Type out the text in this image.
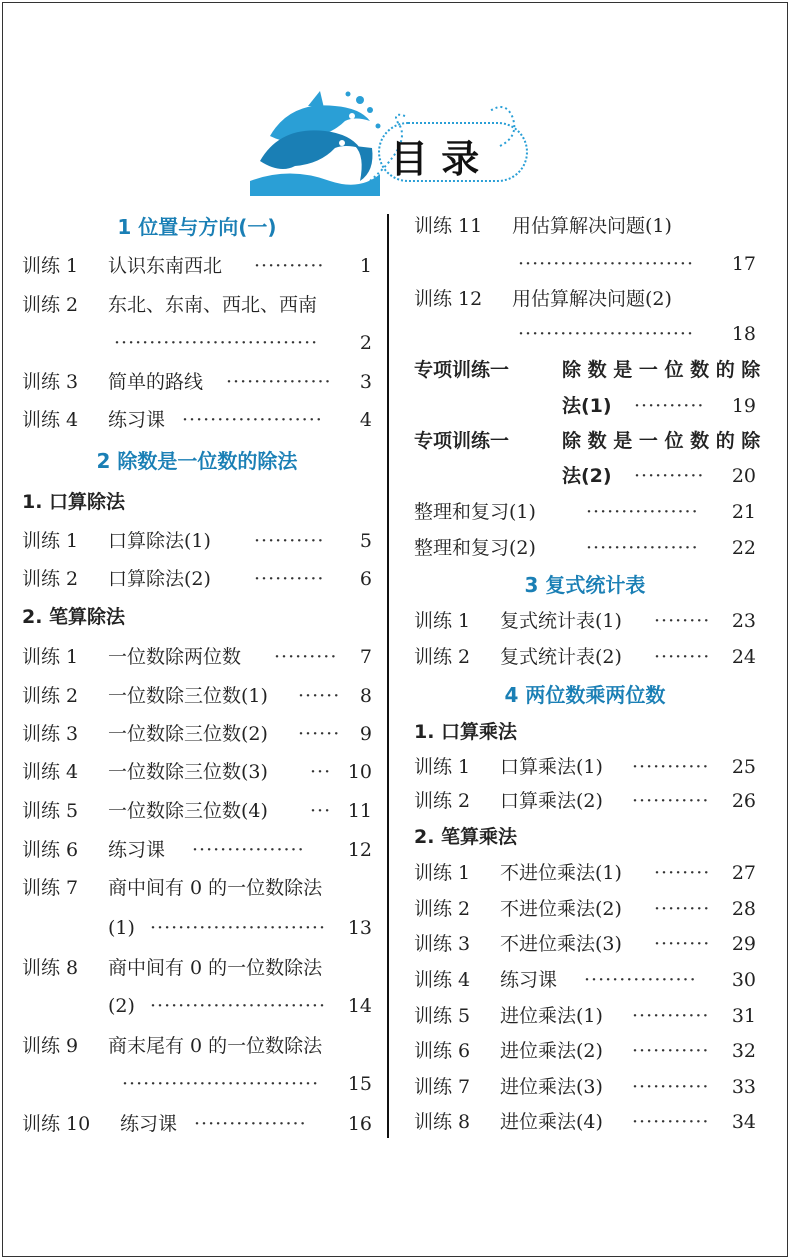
目 录
1 位置与方向(一)
训练 1 认识东南西北 ··········	1
训练 2 东北、东南、西北、西南
·····························	2
训练 3 简单的路线 ···············	3
训练 4 练习课 ····················	4
2 除数是一位数的除法
1. 口算除法
训练 1 口算除法(1) ··········	5
训练 2 口算除法(2) ··········	6
2. 笔算除法
训练 1 一位数除两位数 ·········	7
训练 2 一位数除三位数(1) ······	8
训练 3 一位数除三位数(2) ······	9
训练 4 一位数除三位数(3) ··· 10
训练 5 一位数除三位数(4) ··· 11
训练 6 练习课 ················	12
训练 7 商中间有 0 的一位数除法
(1) ·························	13
训练 8 商中间有 0 的一位数除法
(2) ·························	14
训练 9 商末尾有 0 的一位数除法
····························	15
训练 10 练习课 ················	16
训练 11 用估算解决问题(1)
·························	17
训练 12 用估算解决问题(2)
·························	18
专项训练一	除 数 是 一 位 数 的 除
法(1) ··········	19
专项训练一	除 数 是 一 位 数 的 除
法(2) ··········	20
整理和复习(1)	················	21
整理和复习(2)	················	22
3 复式统计表
训练 1 复式统计表(1) ········	23
训练 2 复式统计表(2) ········	24
4 两位数乘两位数
1. 口算乘法
训练 1 口算乘法(1) ···········	25
训练 2 口算乘法(2) ···········	26
2. 笔算乘法
训练 1 不进位乘法(1) ········	27
训练 2 不进位乘法(2) ········	28
训练 3 不进位乘法(3) ········	29
训练 4 练习课 ················	30
训练 5 进位乘法(1) ···········	31
训练 6 进位乘法(2) ···········	32
训练 7 进位乘法(3) ···········	33
训练 8 进位乘法(4) ···········	34
